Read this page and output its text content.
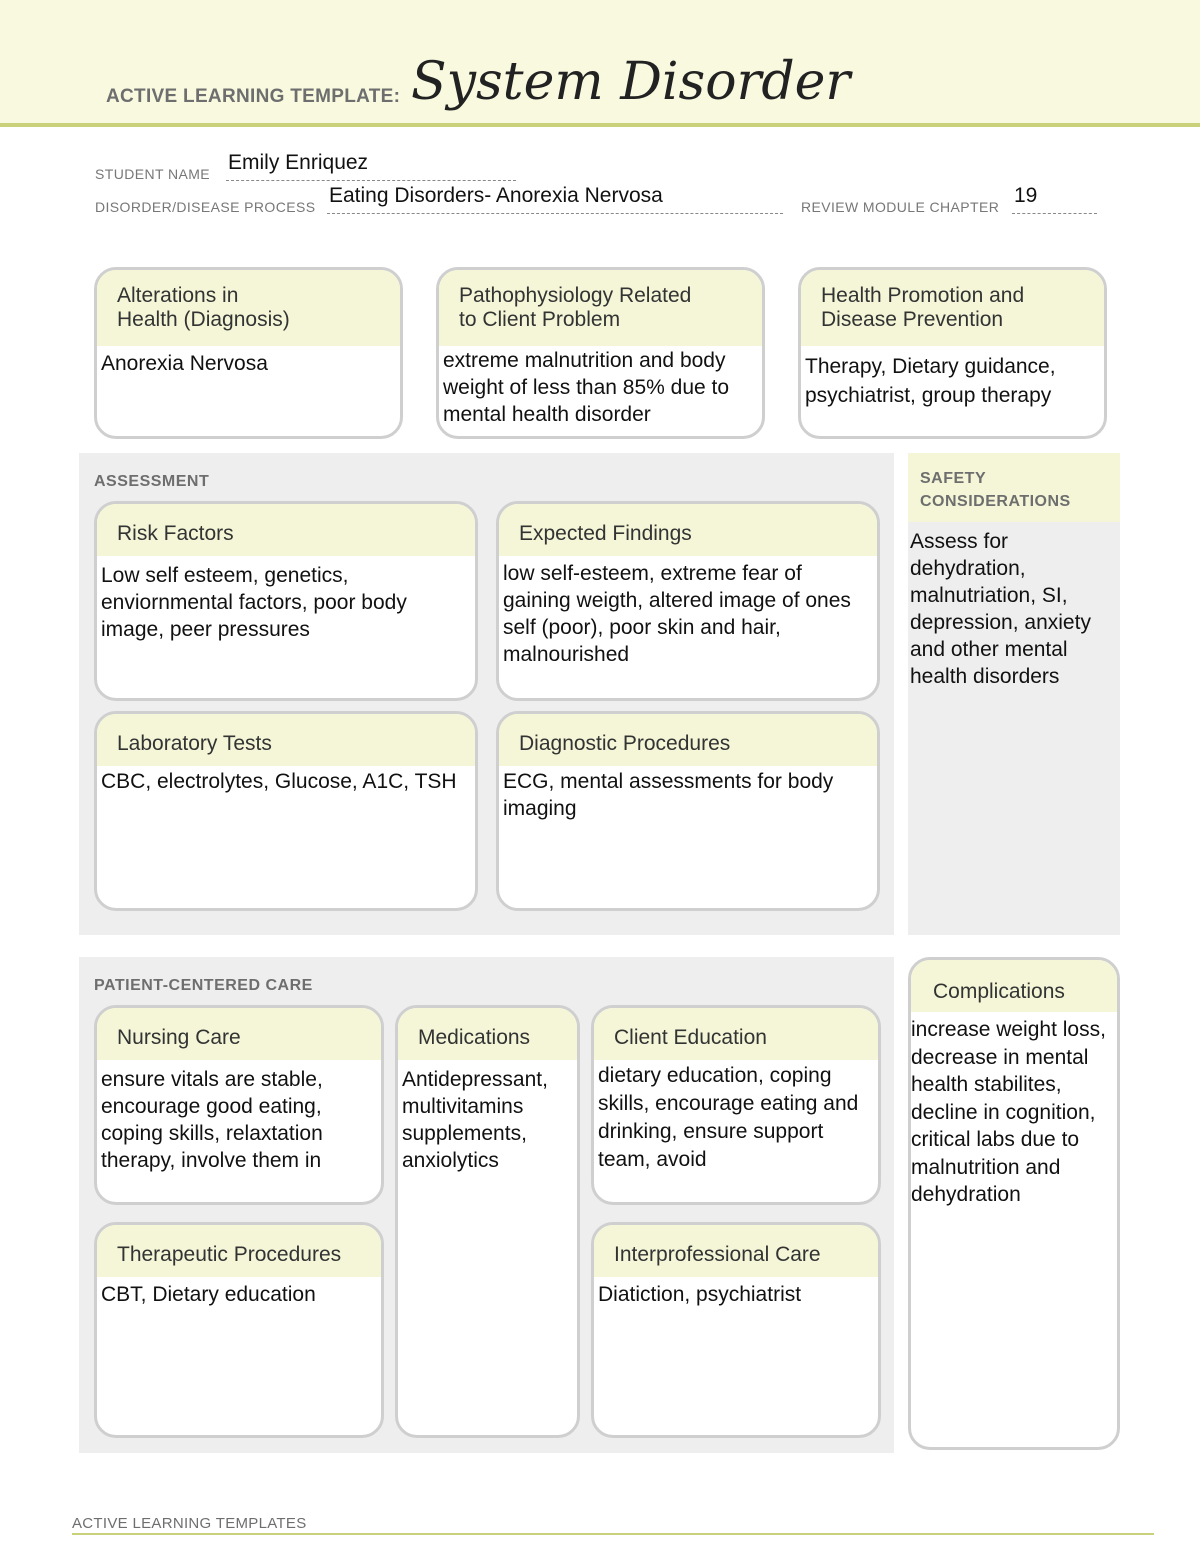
ACTIVE LEARNING TEMPLATE: System Disorder
STUDENT NAME Emily Enriquez
DISORDER/DISEASE PROCESS Eating Disorders- Anorexia Nervosa	REVIEW MODULE CHAPTER 19
Alterations in
Health (Diagnosis)
Anorexia Nervosa
Pathophysiology Related
to Client Problem
extreme malnutrition and body weight of less than 85% due to mental health disorder
Health Promotion and
Disease Prevention
Therapy, Dietary guidance, psychiatrist, group therapy
ASSESSMENT
Risk Factors
Low self esteem, genetics, enviornmental factors, poor body image, peer pressures
Expected Findings
low self-esteem, extreme fear of gaining weigth, altered image of ones self (poor), poor skin and hair, malnourished
Laboratory Tests
CBC, electrolytes, Glucose, A1C, TSH
Diagnostic Procedures
ECG, mental assessments for body imaging
SAFETY
CONSIDERATIONS
Assess for dehydration, malnutriation, SI, depression, anxiety and other mental health disorders
PATIENT-CENTERED CARE
Nursing Care
ensure vitals are stable, encourage good eating, coping skills, relaxtation therapy, involve them in
Medications
Antidepressant, multivitamins supplements, anxiolytics
Client Education
dietary education, coping skills, encourage eating and drinking, ensure support team, avoid
Therapeutic Procedures
CBT, Dietary education
Interprofessional Care
Diatiction, psychiatrist
Complications
increase weight loss, decrease in mental health stabilites, decline in cognition, critical labs due to malnutrition and dehydration
ACTIVE LEARNING TEMPLATES
